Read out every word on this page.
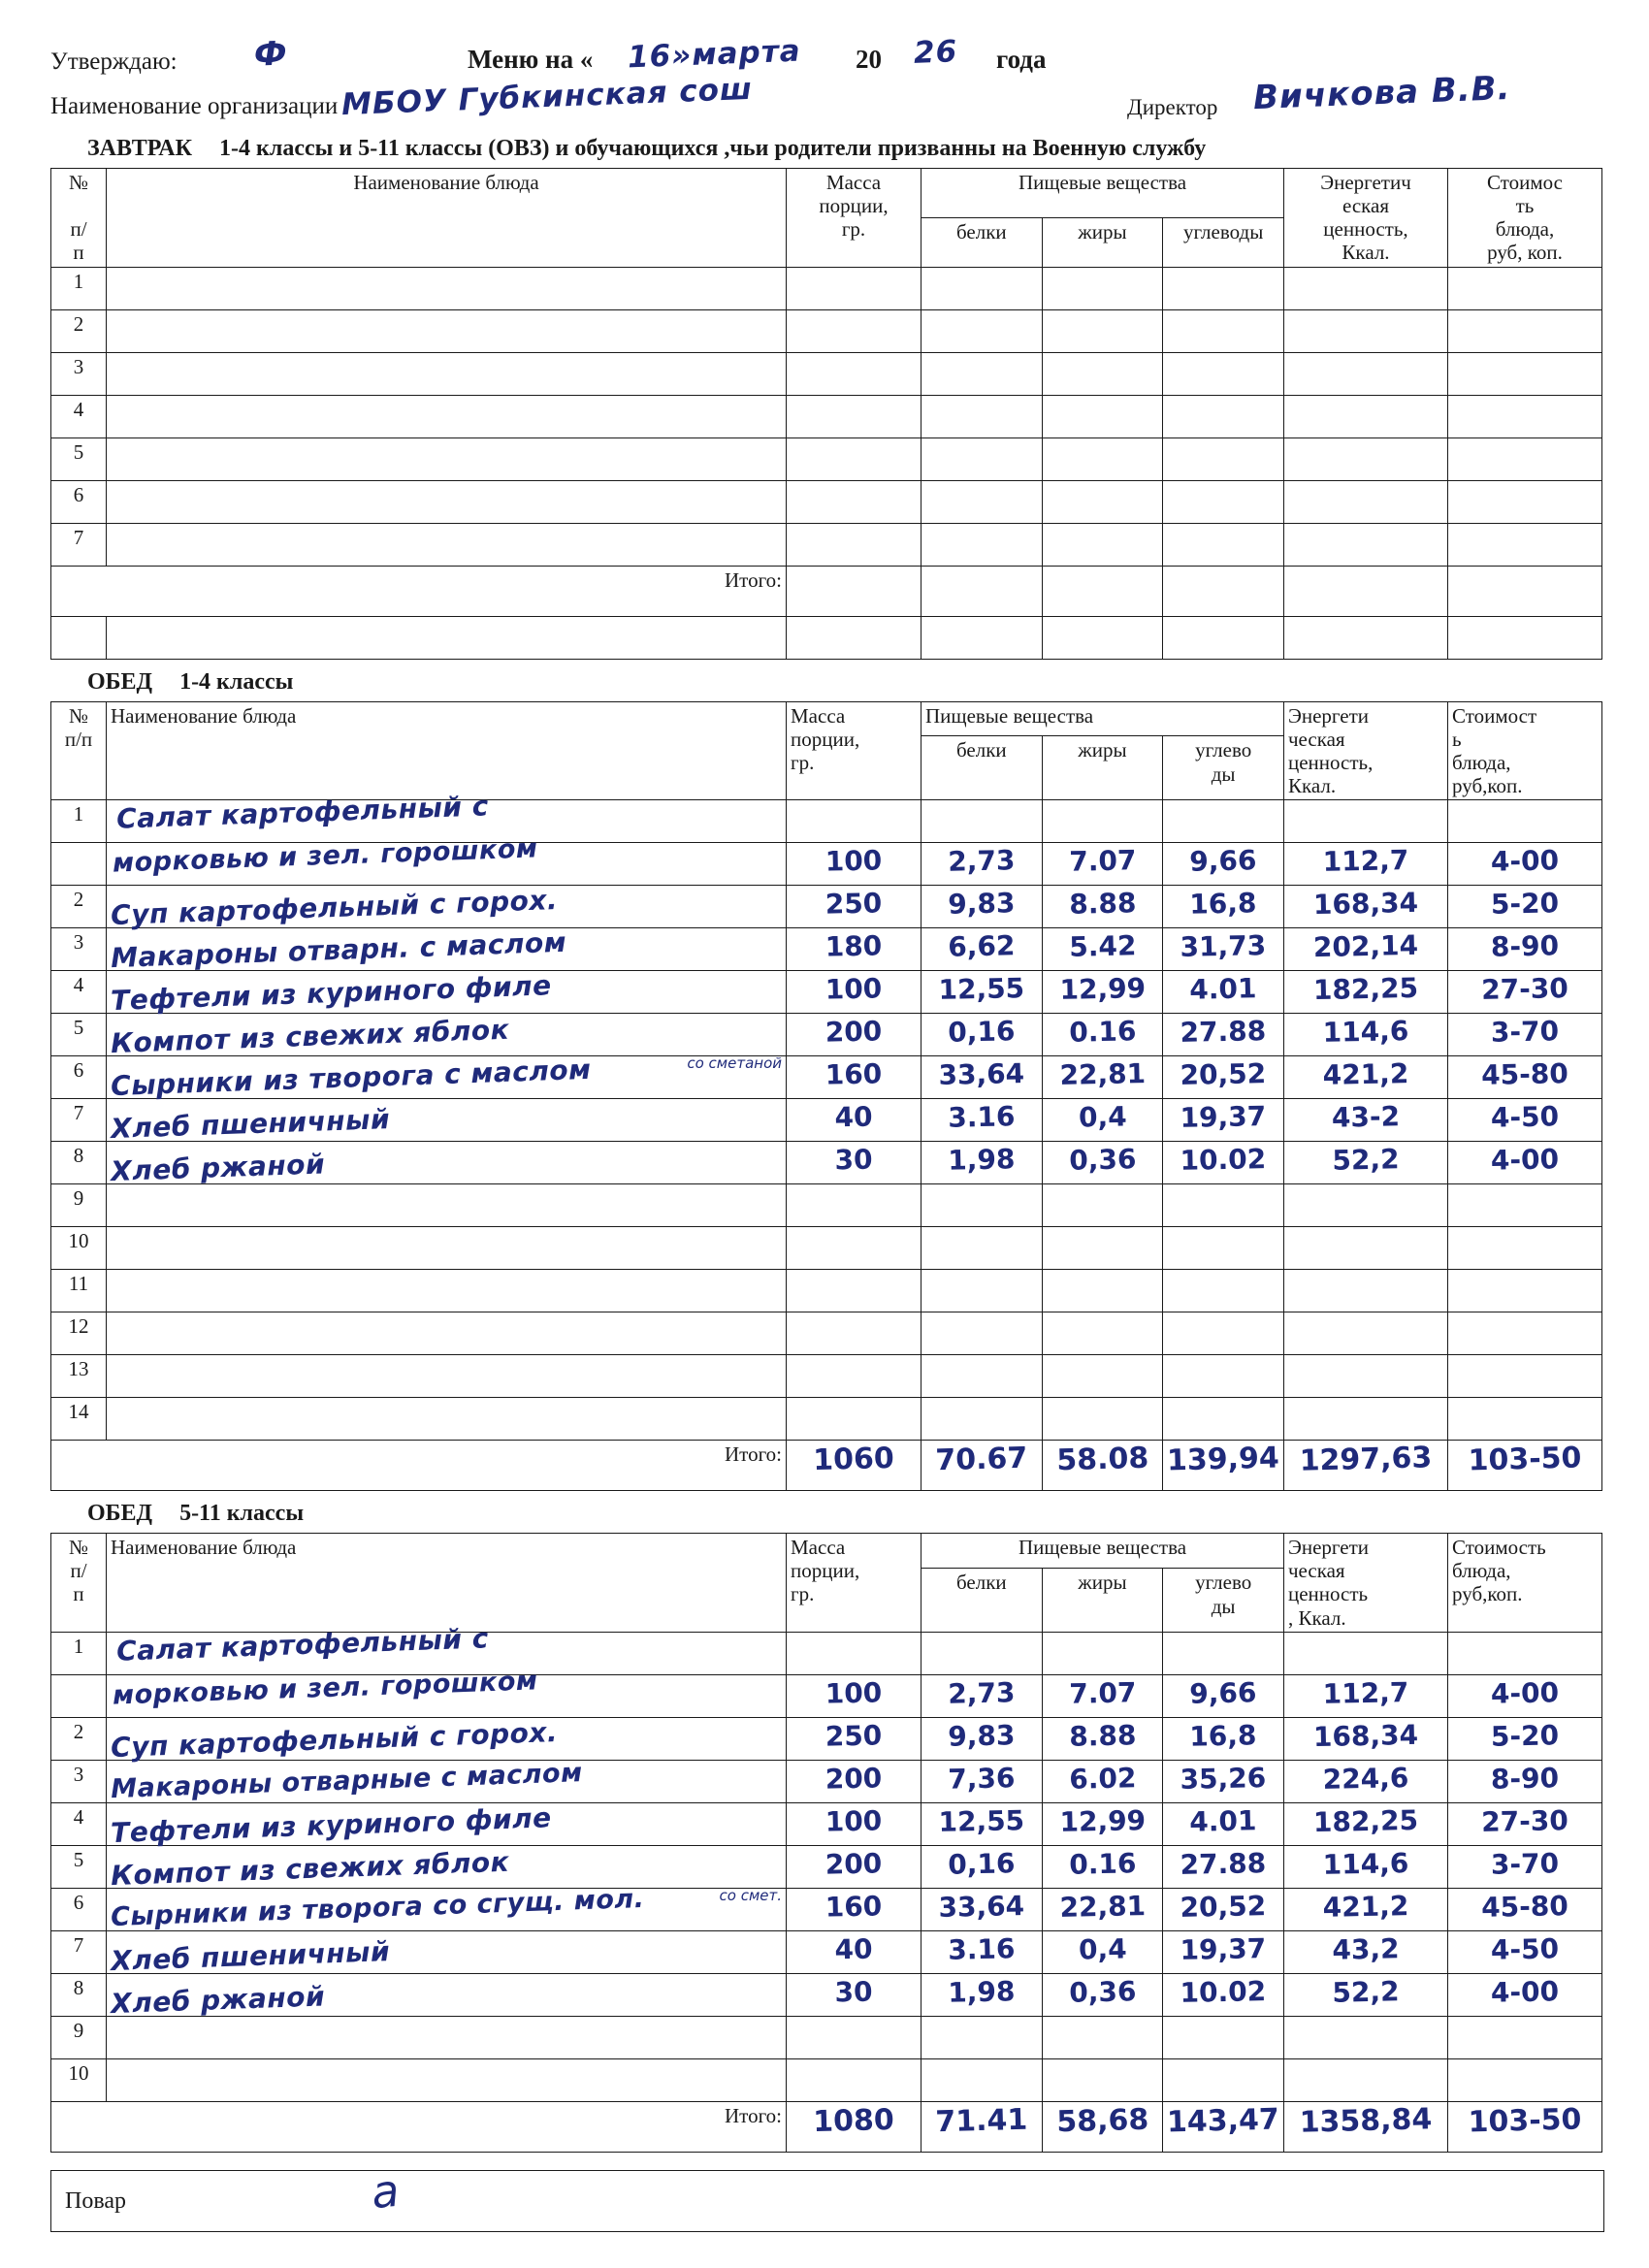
Утверждаю: Ф	Меню на « 16»марта 20 26 года
Наименование организации МБОУ Губкинская сош	Директор Вичкова В.В.
ЗАВТРАК 1-4 классы и 5-11 классы (ОВЗ) и обучающихся ,чьи родители призванны на Военную службу
№

п/
п	Наименование блюда	Масса
порции,
гр.	Пищевые вещества			Энергетич
еская
ценность,
Ккал.	Стоимос
ть
блюда,
руб, коп.

			белки	жиры	углеводы		
1							
2							
3							
4							
5							
6							
7							
Итого:							

ОБЕД 1-4 классы
№
п/п	Наименование блюда	Масса
порции,
гр.	Пищевые вещества			Энергети
ческая
ценность,
Ккал.	Стоимост
ь
блюда,
руб,коп.

			белки	жиры	углево
ды		
1	Салат картофельный с						

	морковью и зел. горошком	100	2,73	7.07	9,66	112,7	4-00

2	Суп картофельный с горох.	250	9,83	8.88	16,8	168,34	5-20

3	Макароны отварн. с маслом	180	6,62	5.42	31,73	202,14	8-90

4	Тефтели из куриного филе	100	12,55	12,99	4.01	182,25	27-30

5	Компот из свежих яблок	200	0,16	0.16	27.88	114,6	3-70

6	Сырники из творога с маслом со сметаной	160	33,64	22,81	20,52	421,2	45-80

7	Хлеб пшеничный	40	3.16	0,4	19,37	43-2	4-50

8	Хлеб ржаной	30	1,98	0,36	10.02	52,2	4-00

9							
10							
11							
12							
13							
14							
Итого:		1060	70.67	58.08	139,94	1297,63	103-50
ОБЕД 5-11 классы
№
п/
п	Наименование блюда	Масса
порции,
гр.	Пищевые вещества			Энергети
ческая
ценность
, Ккал.	Стоимость
блюда,
руб,коп.

			белки	жиры	углево
ды		
1	Салат картофельный с						

	морковью и зел. горошком	100	2,73	7.07	9,66	112,7	4-00

2	Суп картофельный с горох.	250	9,83	8.88	16,8	168,34	5-20

3	Макароны отварные с маслом	200	7,36	6.02	35,26	224,6	8-90

4	Тефтели из куриного филе	100	12,55	12,99	4.01	182,25	27-30

5	Компот из свежих яблок	200	0,16	0.16	27.88	114,6	3-70

6	Сырники из творога со сгущ. мол. со смет.	160	33,64	22,81	20,52	421,2	45-80

7	Хлеб пшеничный	40	3.16	0,4	19,37	43,2	4-50

8	Хлеб ржаной	30	1,98	0,36	10.02	52,2	4-00

9							
10							
Итого:		1080	71.41	58,68	143,47	1358,84	103-50
Повар	а
